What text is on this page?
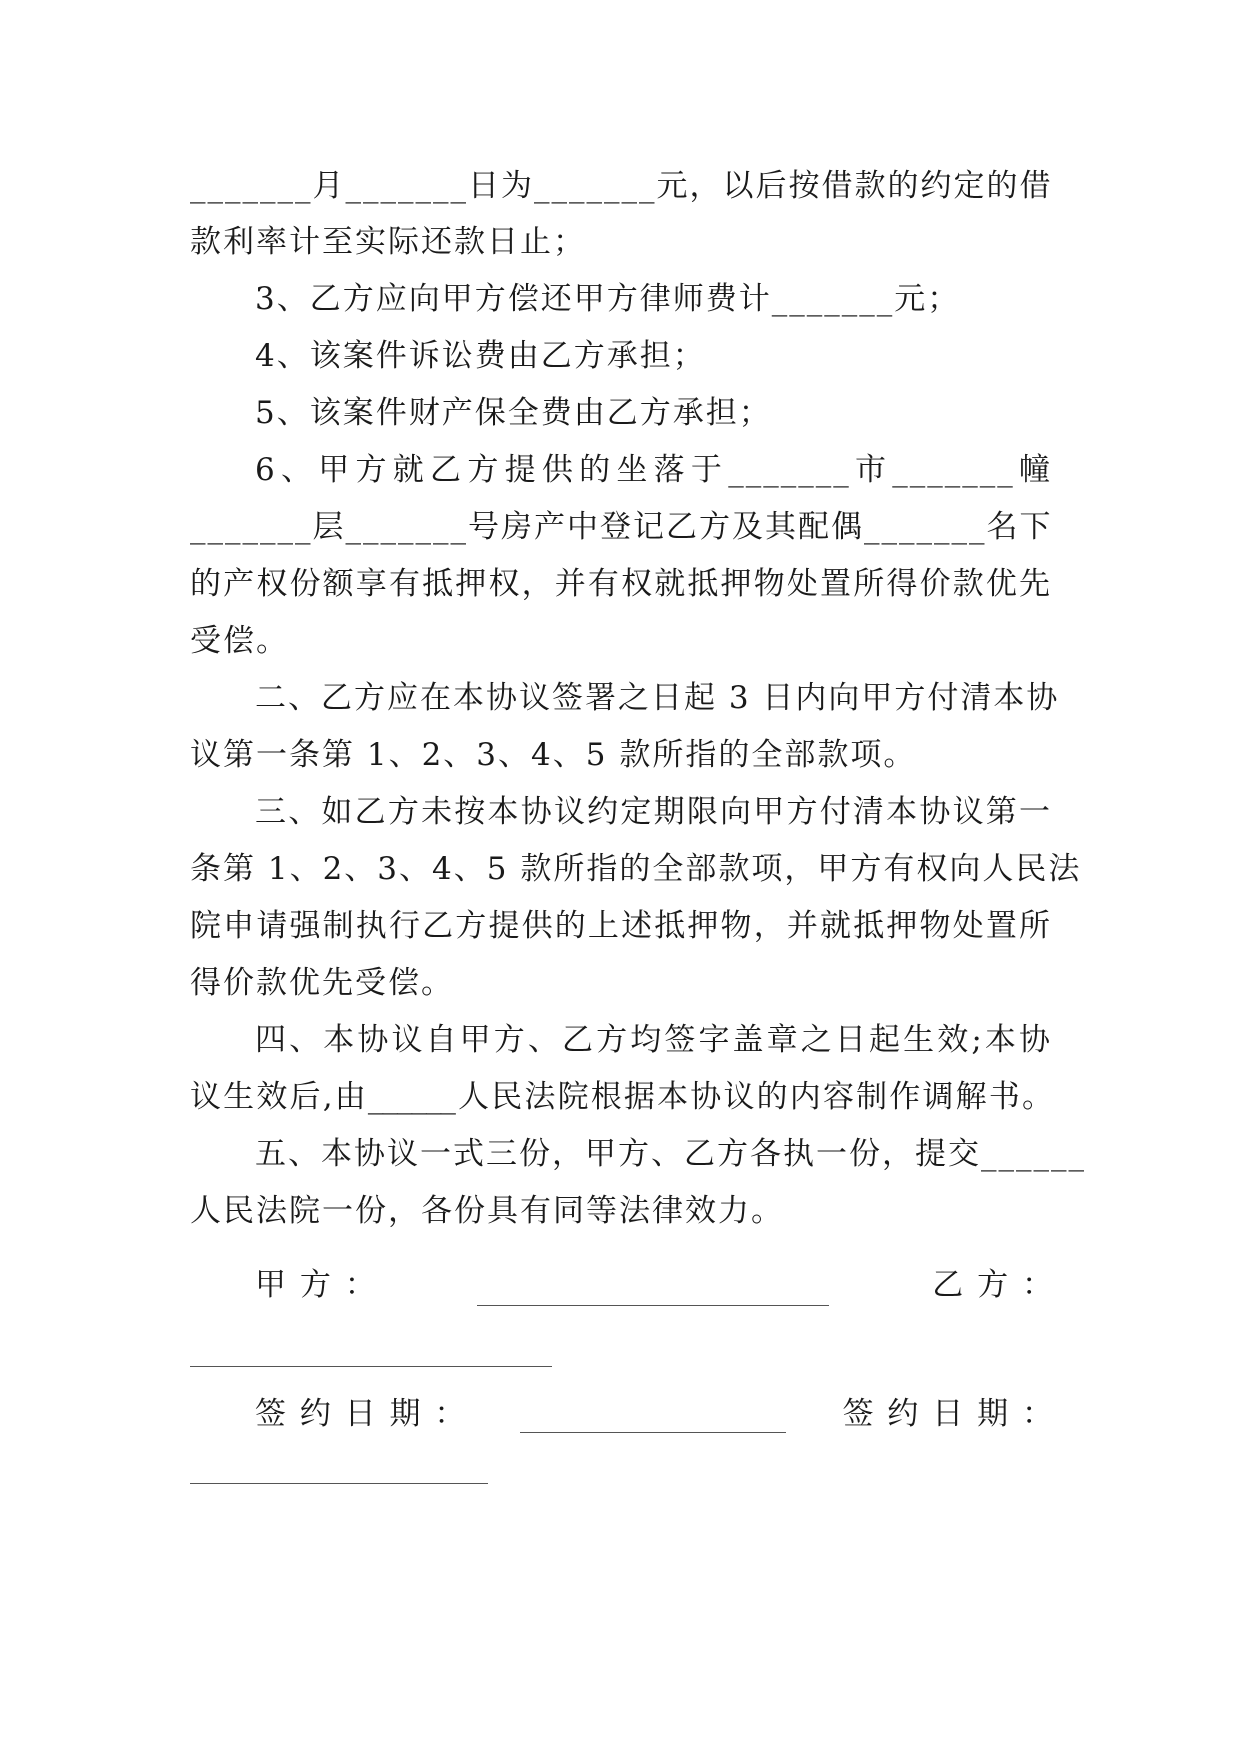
_______月_______日为_______元，以后按借款的约定的借
款利率计至实际还款日止；
3、乙方应向甲方偿还甲方律师费计_______元；
4、该案件诉讼费由乙方承担；
5、该案件财产保全费由乙方承担；
6、甲方就乙方提供的坐落于_______市_______幢
_______层_______号房产中登记乙方及其配偶_______名下
的产权份额享有抵押权，并有权就抵押物处置所得价款优先
受偿。
二、乙方应在本协议签署之日起 3 日内向甲方付清本协
议第一条第 1、2、3、4、5 款所指的全部款项。
三、如乙方未按本协议约定期限向甲方付清本协议第一
条第 1、2、3、4、5 款所指的全部款项，甲方有权向人民法
院申请强制执行乙方提供的上述抵押物，并就抵押物处置所
得价款优先受偿。
四、本协议自甲方、乙方均签字盖章之日起生效;本协
议生效后,由______人民法院根据本协议的内容制作调解书。
五、本协议一式三份，甲方、乙方各执一份，提交______
人民法院一份，各份具有同等法律效力。
甲 方 ：	乙 方 ：
签 约 日 期 ：	签 约 日 期 ：
